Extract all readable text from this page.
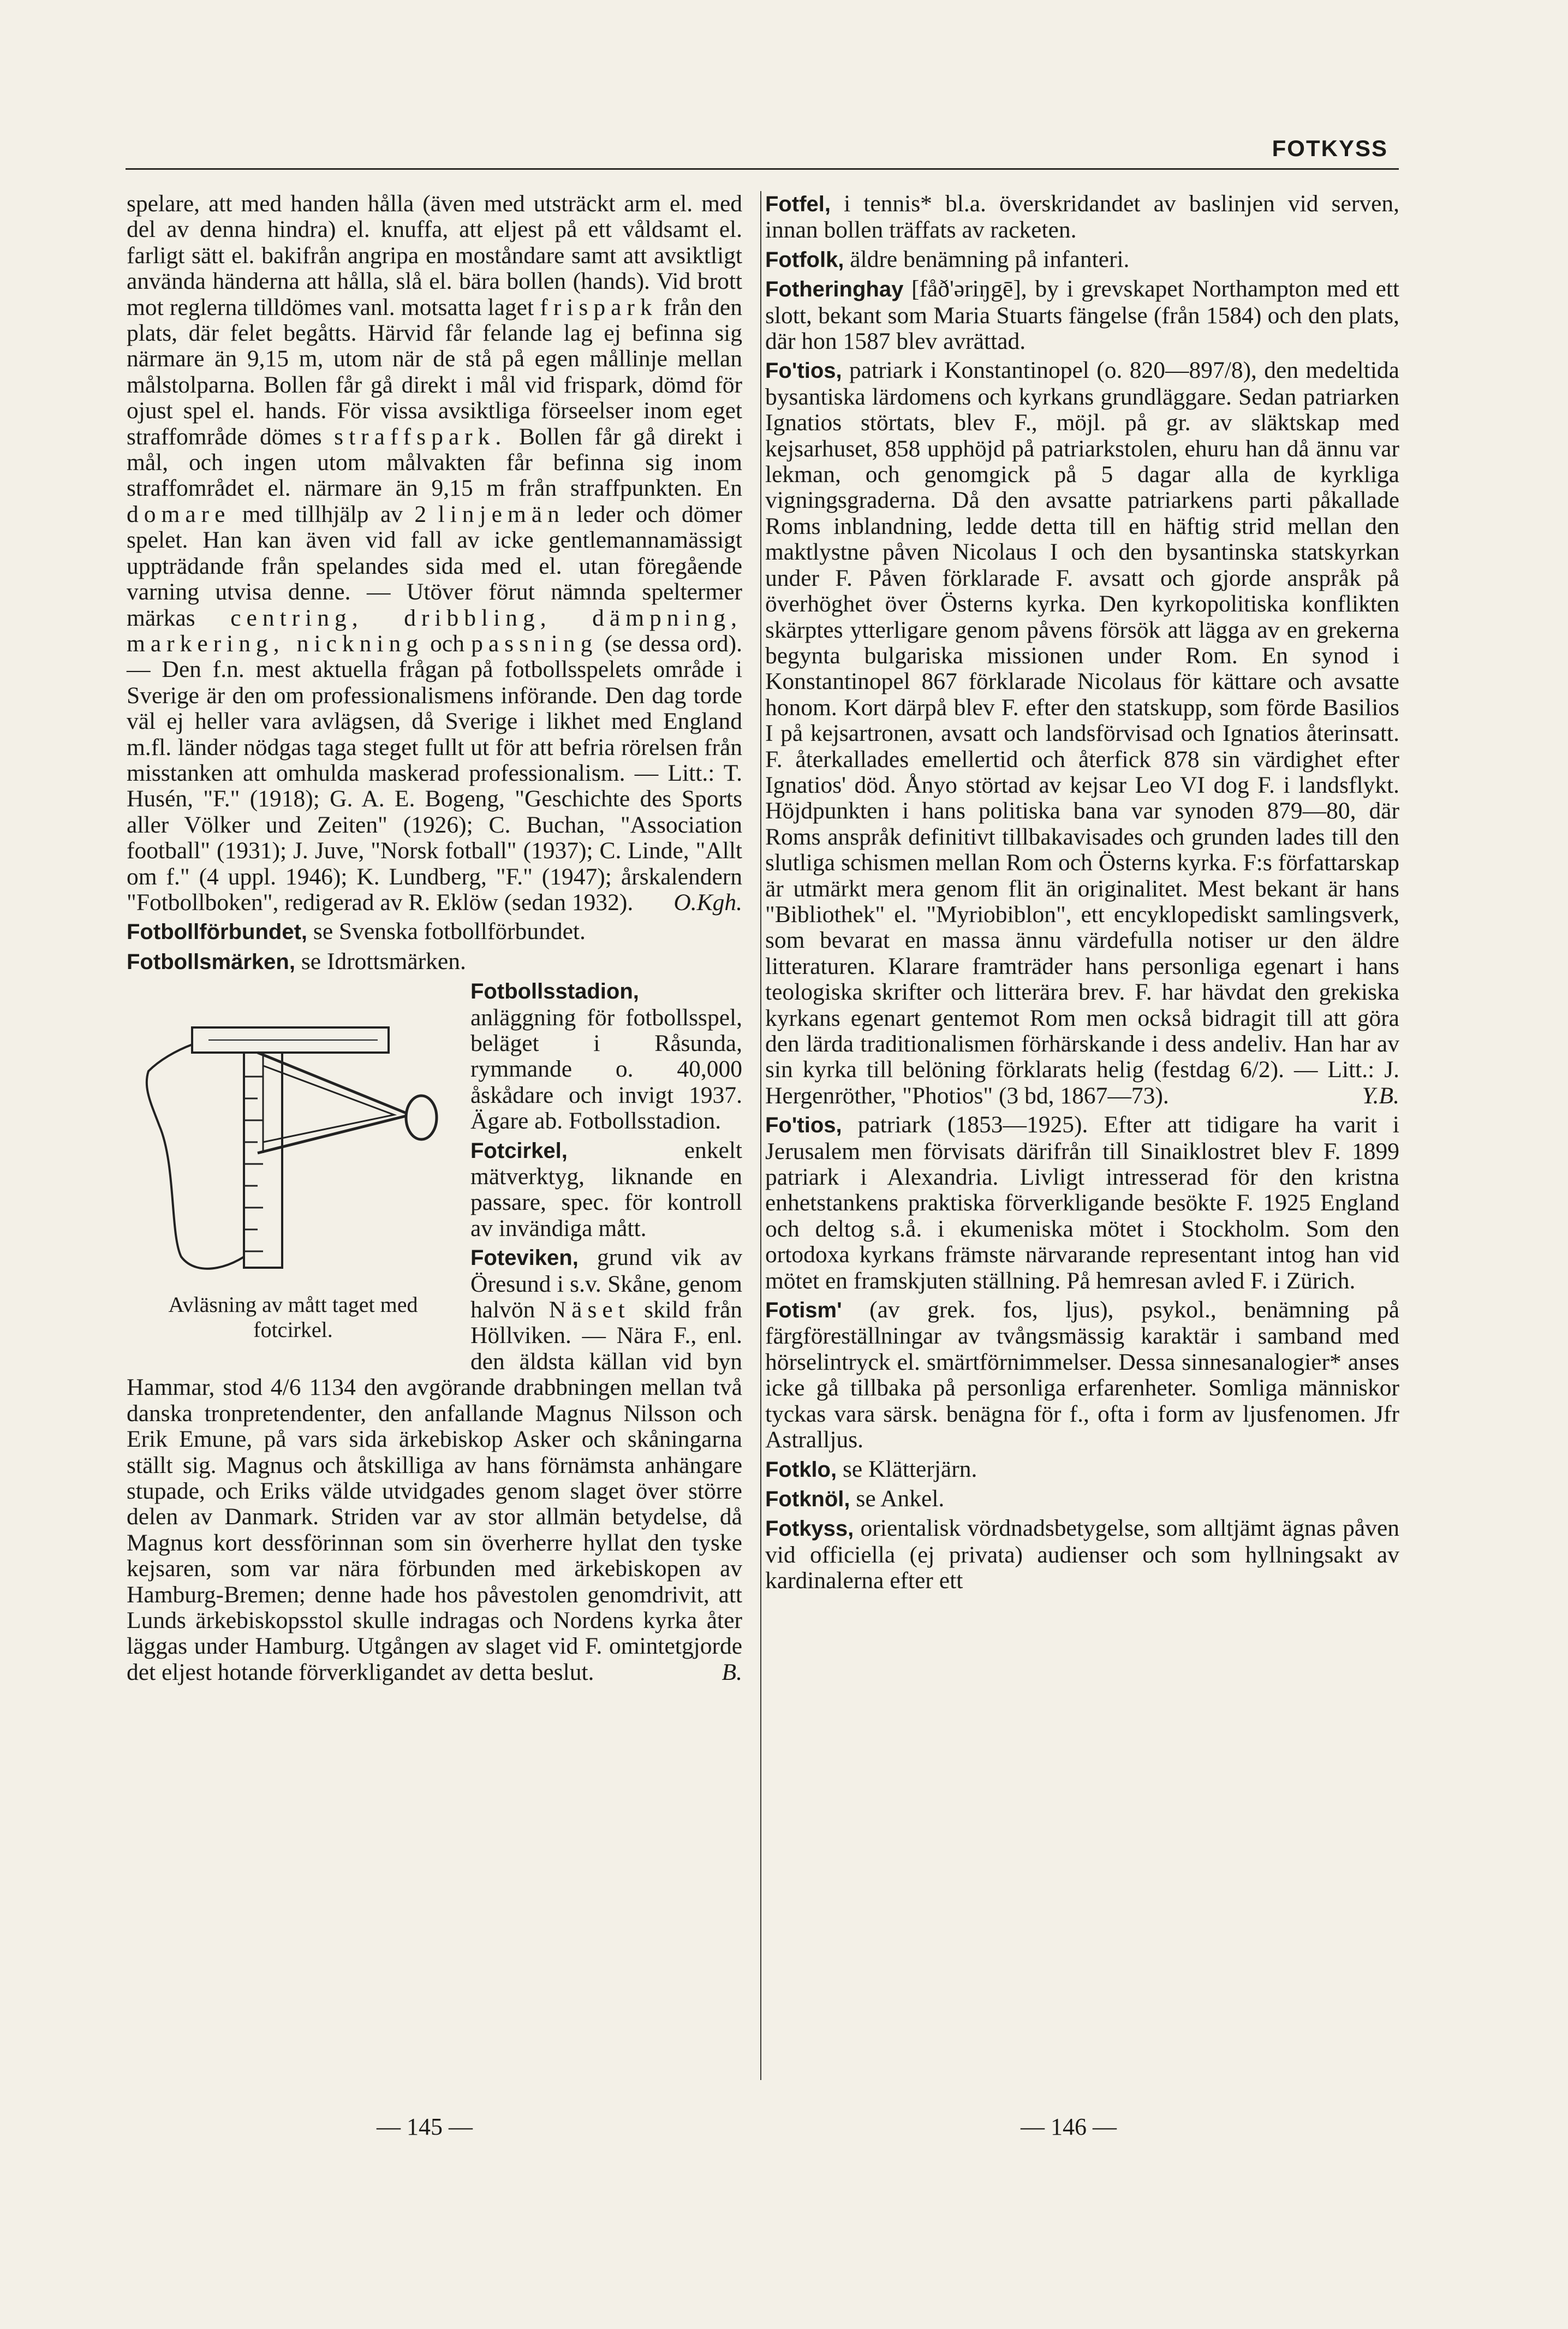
FOTKYSS

spelare, att med handen hålla (även med utsträckt arm el. med del av denna hindra) el. knuffa, att eljest på ett våldsamt el. farligt sätt el. bakifrån angripa en moståndare samt att avsiktligt använda händerna att hålla, slå el. bära bollen (hands). Vid brott mot reglerna tilldömes vanl. motsatta laget frispark från den plats, där felet begåtts. Härvid får felande lag ej befinna sig närmare än 9,15 m, utom när de stå på egen mållinje mellan målstolparna. Bollen får gå direkt i mål vid frispark, dömd för ojust spel el. hands. För vissa avsiktliga förseelser inom eget straffområde dömes straffspark. Bollen får gå direkt i mål, och ingen utom målvakten får befinna sig inom straffområdet el. närmare än 9,15 m från straffpunkten. En domare med tillhjälp av 2 linjemän leder och dömer spelet. Han kan även vid fall av icke gentlemannamässigt uppträdande från spelandes sida med el. utan föregående varning utvisa denne. — Utöver förut nämnda speltermer märkas centring, dribbling, dämpning, markering, nickning och passning (se dessa ord). — Den f.n. mest aktuella frågan på fotbollsspelets område i Sverige är den om professionalismens införande. Den dag torde väl ej heller vara avlägsen, då Sverige i likhet med England m.fl. länder nödgas taga steget fullt ut för att befria rörelsen från misstanken att omhulda maskerad professionalism. — Litt.: T. Husén, "F." (1918); G. A. E. Bogeng, "Geschichte des Sports aller Völker und Zeiten" (1926); C. Buchan, "Association football" (1931); J. Juve, "Norsk fotball" (1937); C. Linde, "Allt om f." (4 uppl. 1946); K. Lundberg, "F." (1947); årskalendern "Fotbollboken", redigerad av R. Eklöw (sedan 1932). O.Kgh.

Fotbollförbundet, se Svenska fotbollförbundet.

Fotbollsmärken, se Idrottsmärken.

Fotbollsstadion,
Avläsning av mått taget med fotcirkel.
anläggning för fotbollsspel, beläget i Råsunda, rymmande o. 40,000 åskådare och invigt 1937. Ägare ab. Fotbollsstadion.

Fotcirkel,	enkelt mätverktyg, liknande en passare, spec. för kontroll av invändiga mått.

Foteviken, grund vik av Öresund i s.v. Skåne, genom halvön Näset skild från Höllviken. — Nära F., enl. den äldsta källan vid byn Hammar, stod 4/6 1134 den avgörande drabbningen mellan två danska tronpretendenter, den anfallande Magnus Nilsson och Erik Emune, på vars sida ärkebiskop Asker och skåningarna ställt sig. Magnus och åtskilliga av hans förnämsta anhängare stupade, och Eriks välde utvidgades genom slaget över större delen av Danmark. Striden var av stor allmän betydelse, då Magnus kort dessförinnan som sin överherre hyllat den tyske kejsaren, som var nära förbunden med ärkebiskopen av Hamburg-Bremen; denne hade hos påvestolen genomdrivit, att Lunds ärkebiskopsstol skulle indragas och Nordens kyrka åter läggas under Hamburg. Utgången av slaget vid F. omintetgjorde det eljest hotande förverkligandet av detta beslut.	B.

Fotfel, i tennis* bl.a. överskridandet av baslinjen vid serven, innan bollen träffats av racketen.

Fotfolk, äldre benämning på infanteri.

Fotheringhay [fåð'əriŋgē], by i grevskapet Northampton med ett slott, bekant som Maria Stuarts fängelse (från 1584) och den plats, där hon 1587 blev avrättad.

Fo'tios, patriark i Konstantinopel (o. 820—897/8), den medeltida bysantiska lärdomens och kyrkans grundläggare. Sedan patriarken Ignatios störtats, blev F., möjl. på gr. av släktskap med kejsarhuset, 858 upphöjd på patriarkstolen, ehuru han då ännu var lekman, och genomgick på 5 dagar alla de kyrkliga vigningsgraderna. Då den avsatte patriarkens parti påkallade Roms inblandning, ledde detta till en häftig strid mellan den maktlystne påven Nicolaus I och den bysantinska statskyrkan under F. Påven förklarade F. avsatt och gjorde anspråk på överhöghet över Österns kyrka. Den kyrkopolitiska konflikten skärptes ytterligare genom påvens försök att lägga av en grekerna begynta bulgariska missionen under Rom. En synod i Konstantinopel 867 förklarade Nicolaus för kättare och avsatte honom. Kort därpå blev F. efter den statskupp, som förde Basilios I på kejsartronen, avsatt och landsförvisad och Ignatios återinsatt. F. återkallades emellertid och återfick 878 sin värdighet efter Ignatios' död. Ånyo störtad av kejsar Leo VI dog F. i landsflykt. Höjdpunkten i hans politiska bana var synoden 879—80, där Roms anspråk definitivt tillbakavisades och grunden lades till den slutliga schismen mellan Rom och Österns kyrka. F:s författarskap är utmärkt mera genom flit än originalitet. Mest bekant är hans "Bibliothek" el. "Myriobiblon", ett encyklopediskt samlingsverk, som bevarat en massa ännu värdefulla notiser ur den äldre litteraturen. Klarare framträder hans personliga egenart i hans teologiska skrifter och litterära brev. F. har hävdat den grekiska kyrkans egenart gentemot Rom men också bidragit till att göra den lärda traditionalismen förhärskande i dess andeliv. Han har av sin kyrka till belöning förklarats helig (festdag 6/2). — Litt.: J. Hergenröther, "Photios" (3 bd, 1867—73).	Y.B.

Fo'tios, patriark (1853—1925). Efter att tidigare ha varit i Jerusalem men förvisats därifrån till Sinaiklostret blev F. 1899 patriark i Alexandria. Livligt intresserad för den kristna enhetstankens praktiska förverkligande besökte F. 1925 England och deltog s.å. i ekumeniska mötet i Stockholm. Som den ortodoxa kyrkans främste närvarande representant intog han vid mötet en framskjuten ställning. På hemresan avled F. i Zürich.

Fotism' (av grek. fos, ljus), psykol., benämning på färgföreställningar av tvångsmässig karaktär i samband med hörselintryck el. smärtförnimmelser. Dessa sinnesanalogier* anses icke gå tillbaka på personliga erfarenheter. Somliga människor tyckas vara särsk. benägna för f., ofta i form av ljusfenomen. Jfr Astralljus.

Fotklo, se Klätterjärn.

Fotknöl, se Ankel.

Fotkyss, orientalisk vördnadsbetygelse, som alltjämt ägnas påven vid officiella (ej privata) audienser och som hyllningsakt av kardinalerna efter ett

— 145 —	— 146 —
